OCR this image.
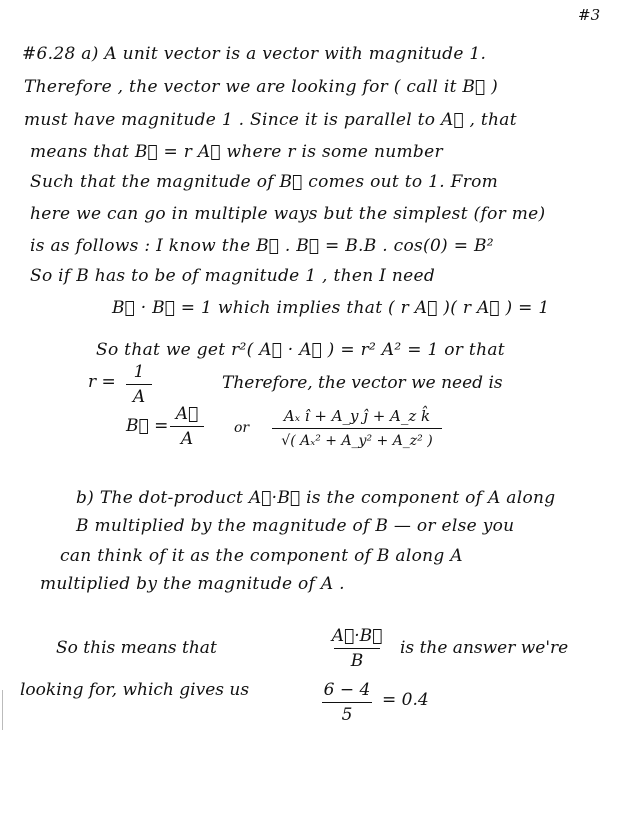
#3
#6.28 a) A unit vector is a vector with magnitude 1.
Therefore , the vector we are looking for ( call it B⃗ )
must have magnitude 1 . Since it is parallel to A⃗ , that
means that B⃗ = r A⃗ where r is some number
Such that the magnitude of B⃗ comes out to 1. From
here we can go in multiple ways but the simplest (for me)
is as follows : I know the B⃗ . B⃗ = B.B . cos(0) = B²
So if B has to be of magnitude 1 , then I need
B⃗ · B⃗ = 1 which implies that ( r A⃗ )( r A⃗ ) = 1
So that we get r²( A⃗ · A⃗ ) = r² A² = 1 or that
r = 1
A
Therefore, the vector we need is
B⃗ =
A⃗
A
or
Aₓ î + A_y ĵ + A_z k̂
√( Aₓ² + A_y² + A_z² )
b) The dot-product A⃗·B⃗ is the component of A along
B multiplied by the magnitude of B — or else you
can think of it as the component of B along A
multiplied by the magnitude of A .
So this means that
A⃗·B⃗
B
is the answer we're
looking for, which gives us	6 − 4
5
= 0.4
